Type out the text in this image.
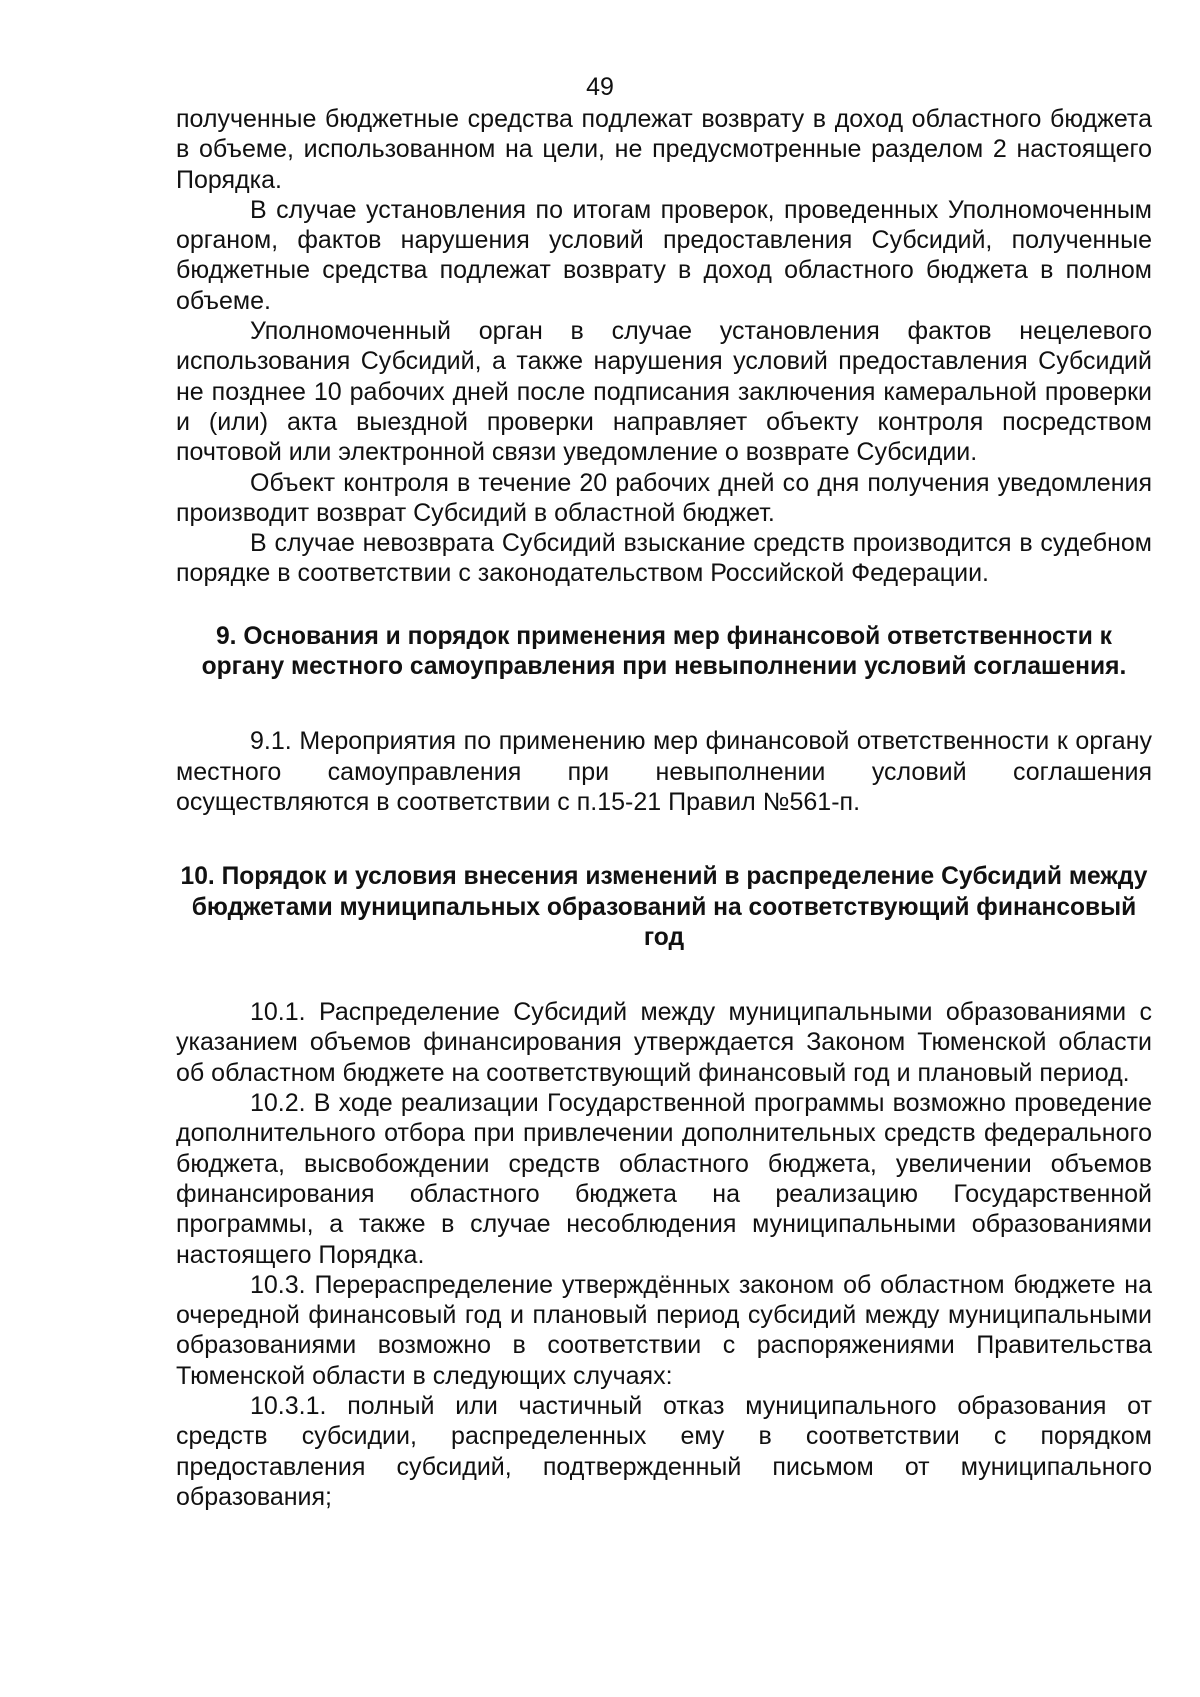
49

полученные бюджетные средства подлежат возврату в доход областного бюджета в объеме, использованном на цели, не предусмотренные разделом 2 настоящего Порядка.

В случае установления по итогам проверок, проведенных Уполномоченным органом, фактов нарушения условий предоставления Субсидий, полученные бюджетные средства подлежат возврату в доход областного бюджета в полном объеме.

Уполномоченный орган в случае установления фактов нецелевого использования Субсидий, а также нарушения условий предоставления Субсидий не позднее 10 рабочих дней после подписания заключения камеральной проверки и (или) акта выездной проверки направляет объекту контроля посредством почтовой или электронной связи уведомление о возврате Субсидии.

Объект контроля в течение 20 рабочих дней со дня получения уведомления производит возврат Субсидий в областной бюджет.

В случае невозврата Субсидий взыскание средств производится в судебном порядке в соответствии с законодательством Российской Федерации.

9. Основания и порядок применения мер финансовой ответственности к органу местного самоуправления при невыполнении условий соглашения.

9.1. Мероприятия по применению мер финансовой ответственности к органу местного самоуправления при невыполнении условий соглашения осуществляются в соответствии с п.15-21 Правил №561-п.

10. Порядок и условия внесения изменений в распределение Субсидий между бюджетами муниципальных образований на соответствующий финансовый год

10.1. Распределение Субсидий между муниципальными образованиями с указанием объемов финансирования утверждается Законом Тюменской области об областном бюджете на соответствующий финансовый год и плановый период.

10.2. В ходе реализации Государственной программы возможно проведение дополнительного отбора при привлечении дополнительных средств федерального бюджета, высвобождении средств областного бюджета, увеличении объемов финансирования областного бюджета на реализацию Государственной программы, а также в случае несоблюдения муниципальными образованиями настоящего Порядка.

10.3. Перераспределение утверждённых законом об областном бюджете на очередной финансовый год и плановый период субсидий между муниципальными образованиями возможно в соответствии с распоряжениями Правительства Тюменской области в следующих случаях:

10.3.1. полный или частичный отказ муниципального образования от средств субсидии, распределенных ему в соответствии с порядком предоставления субсидий, подтвержденный письмом от муниципального образования;
